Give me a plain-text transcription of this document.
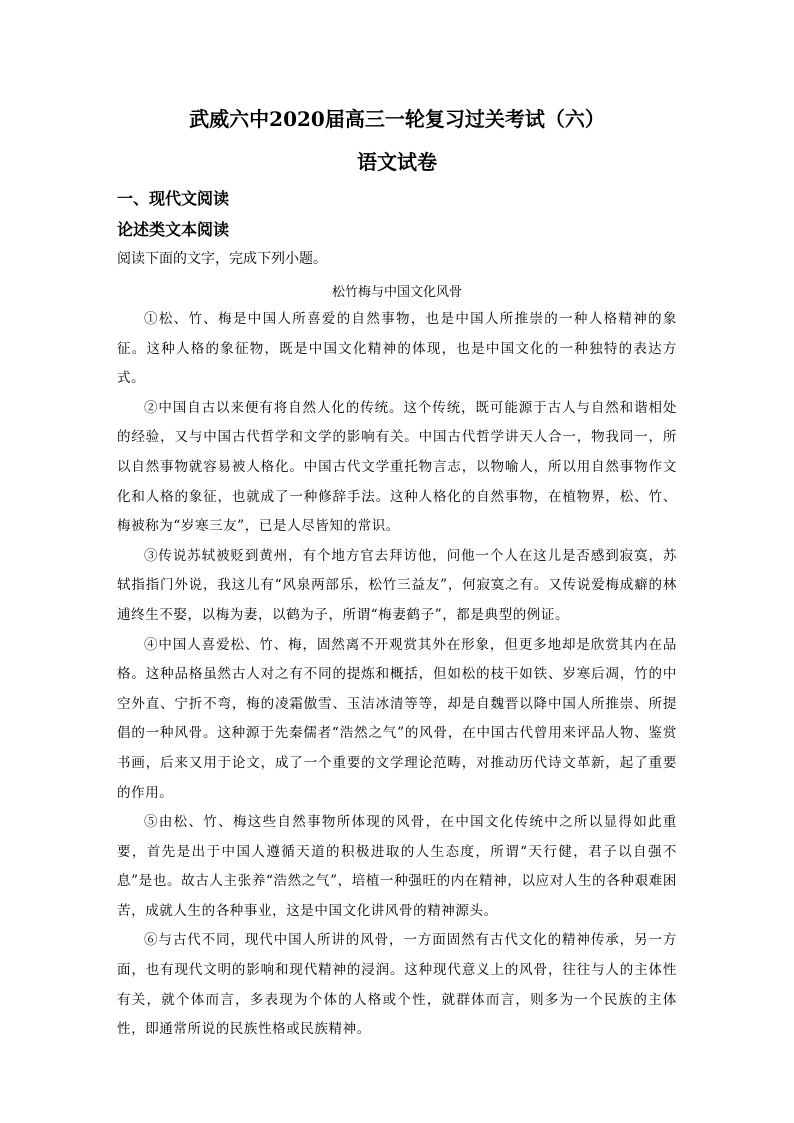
武威六中2020届高三一轮复习过关考试（六）
语文试卷
一、现代文阅读
论述类文本阅读
阅读下面的文字，完成下列小题。
松竹梅与中国文化风骨

①松、竹、梅是中国人所喜爱的自然事物，也是中国人所推崇的一种人格精神的象征。这种人格的象征物，既是中国文化精神的体现，也是中国文化的一种独特的表达方式。

②中国自古以来便有将自然人化的传统。这个传统，既可能源于古人与自然和谐相处的经验，又与中国古代哲学和文学的影响有关。中国古代哲学讲天人合一，物我同一，所以自然事物就容易被人格化。中国古代文学重托物言志，以物喻人，所以用自然事物作文化和人格的象征，也就成了一种修辞手法。这种人格化的自然事物，在植物界，松、竹、梅被称为“岁寒三友”，已是人尽皆知的常识。

③传说苏轼被贬到黄州，有个地方官去拜访他，问他一个人在这儿是否感到寂寞，苏轼指指门外说，我这儿有“风泉两部乐，松竹三益友”，何寂寞之有。又传说爱梅成癖的林逋终生不娶，以梅为妻，以鹤为子，所谓“梅妻鹤子”，都是典型的例证。

④中国人喜爱松、竹、梅，固然离不开观赏其外在形象，但更多地却是欣赏其内在品格。这种品格虽然古人对之有不同的提炼和概括，但如松的枝干如铁、岁寒后凋，竹的中空外直、宁折不弯，梅的凌霜傲雪、玉洁冰清等等，却是自魏晋以降中国人所推崇、所提倡的一种风骨。这种源于先秦儒者“浩然之气”的风骨，在中国古代曾用来评品人物、鉴赏书画，后来又用于论文，成了一个重要的文学理论范畴，对推动历代诗文革新，起了重要的作用。

⑤由松、竹、梅这些自然事物所体现的风骨，在中国文化传统中之所以显得如此重要，首先是出于中国人遵循天道的积极进取的人生态度，所谓“天行健，君子以自强不息”是也。故古人主张养“浩然之气”，培植一种强旺的内在精神，以应对人生的各种艰难困苦，成就人生的各种事业，这是中国文化讲风骨的精神源头。

⑥与古代不同，现代中国人所讲的风骨，一方面固然有古代文化的精神传承，另一方面，也有现代文明的影响和现代精神的浸润。这种现代意义上的风骨，往往与人的主体性有关，就个体而言，多表现为个体的人格或个性，就群体而言，则多为一个民族的主体性，即通常所说的民族性格或民族精神。
